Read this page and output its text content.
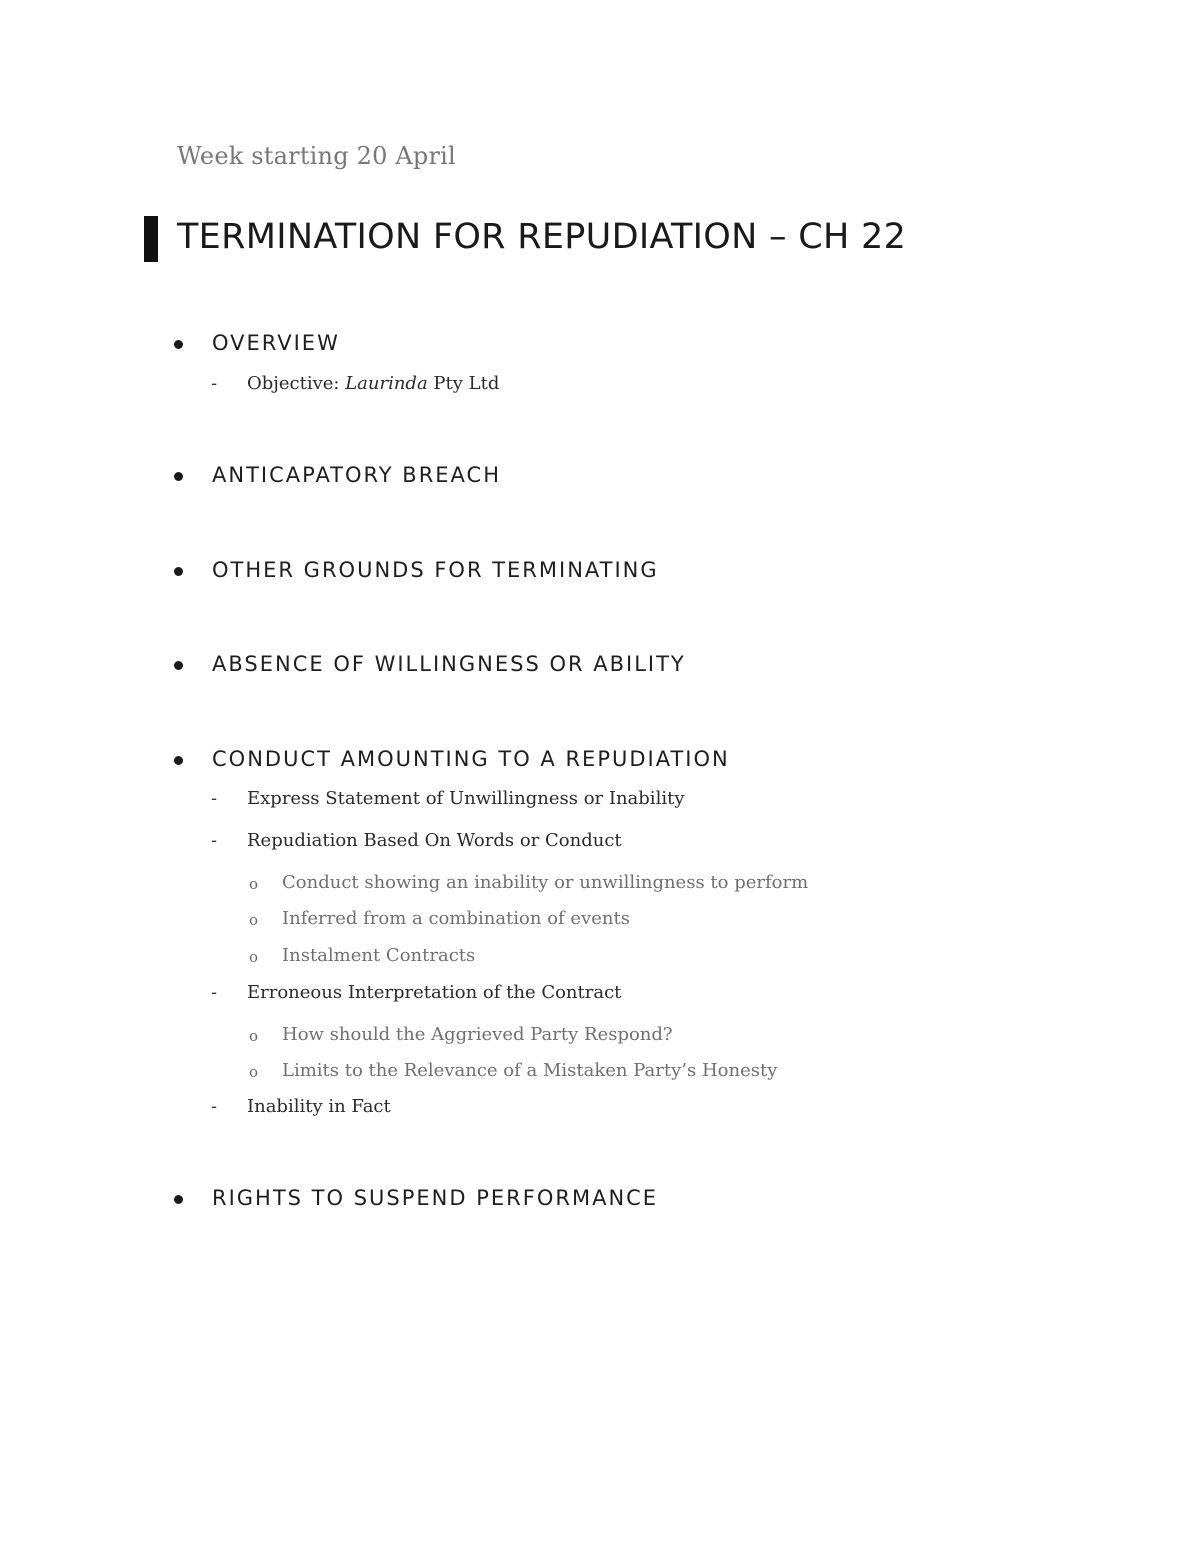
Week starting 20 April
TERMINATION FOR REPUDIATION – CH 22
OVERVIEW
- Objective: Laurinda Pty Ltd
ANTICAPATORY BREACH
OTHER GROUNDS FOR TERMINATING
ABSENCE OF WILLINGNESS OR ABILITY
CONDUCT AMOUNTING TO A REPUDIATION
- Express Statement of Unwillingness or Inability
- Repudiation Based On Words or Conduct
o Conduct showing an inability or unwillingness to perform
o Inferred from a combination of events
o Instalment Contracts
- Erroneous Interpretation of the Contract
o How should the Aggrieved Party Respond?
o Limits to the Relevance of a Mistaken Party’s Honesty
- Inability in Fact
RIGHTS TO SUSPEND PERFORMANCE
